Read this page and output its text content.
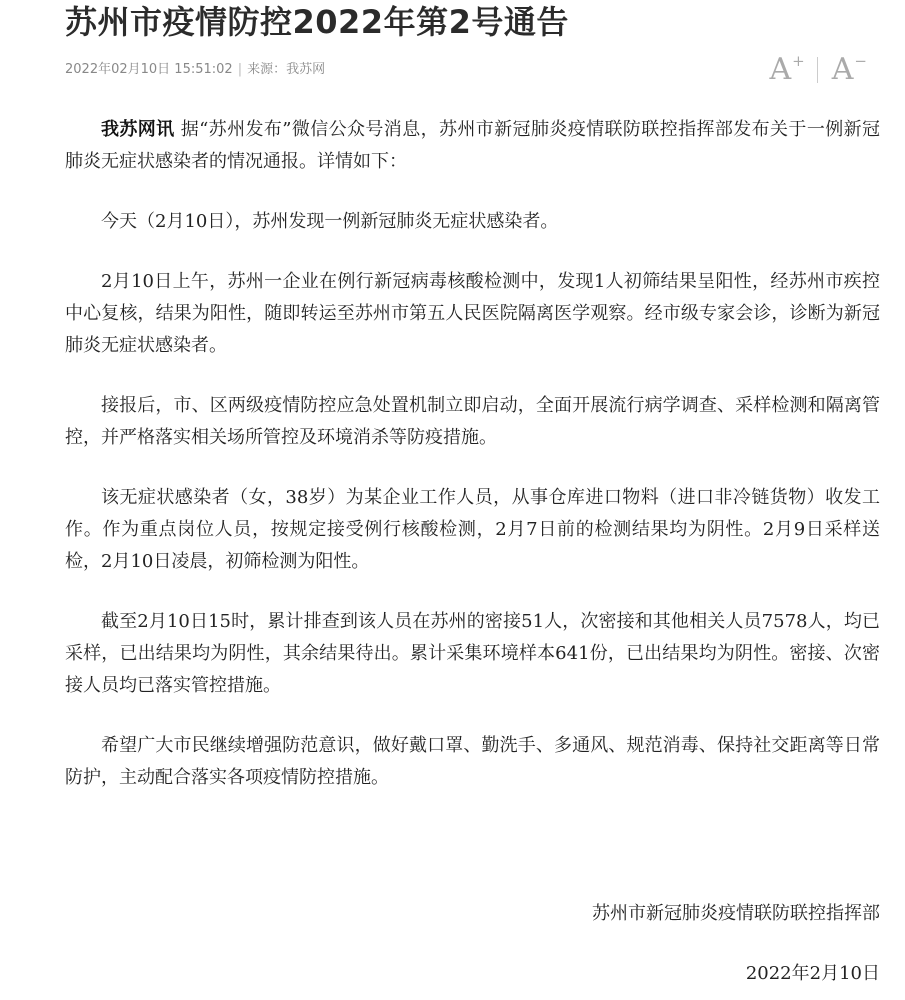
苏州市疫情防控2022年第2号通告
2022年02月10日 15:51:02 | 来源：我苏网	A+ A−

我苏网讯 据“苏州发布”微信公众号消息，苏州市新冠肺炎疫情联防联控指挥部发布关于一例新冠肺炎无症状感染者的情况通报。详情如下：

今天（2月10日），苏州发现一例新冠肺炎无症状感染者。

2月10日上午，苏州一企业在例行新冠病毒核酸检测中，发现1人初筛结果呈阳性，经苏州市疾控中心复核，结果为阳性，随即转运至苏州市第五人民医院隔离医学观察。经市级专家会诊，诊断为新冠肺炎无症状感染者。

接报后，市、区两级疫情防控应急处置机制立即启动，全面开展流行病学调查、采样检测和隔离管控，并严格落实相关场所管控及环境消杀等防疫措施。

该无症状感染者（女，38岁）为某企业工作人员，从事仓库进口物料（进口非冷链货物）收发工作。作为重点岗位人员，按规定接受例行核酸检测，2月7日前的检测结果均为阴性。2月9日采样送检，2月10日凌晨，初筛检测为阳性。

截至2月10日15时，累计排查到该人员在苏州的密接51人，次密接和其他相关人员7578人，均已采样，已出结果均为阴性，其余结果待出。累计采集环境样本641份，已出结果均为阴性。密接、次密接人员均已落实管控措施。

希望广大市民继续增强防范意识，做好戴口罩、勤洗手、多通风、规范消毒、保持社交距离等日常防护，主动配合落实各项疫情防控措施。

苏州市新冠肺炎疫情联防联控指挥部
2022年2月10日
